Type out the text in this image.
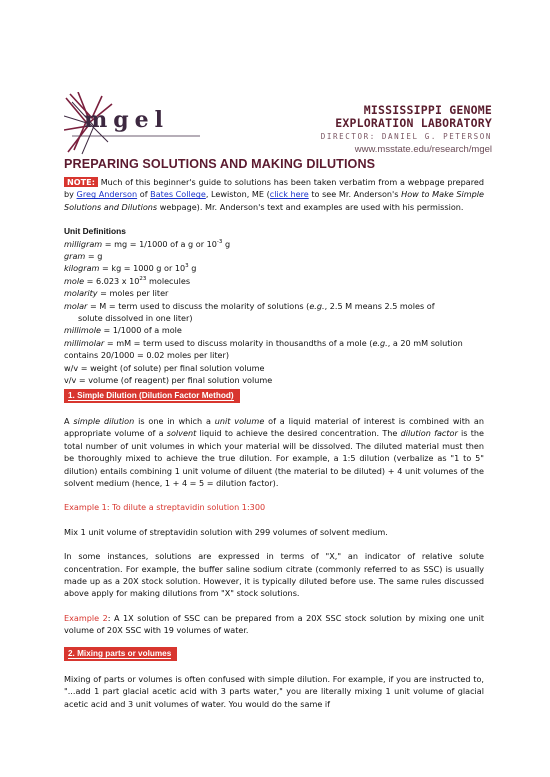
mgel	MISSISSIPPI GENOME EXPLORATION LABORATORY
DIRECTOR: DANIEL G. PETERSON
www.msstate.edu/research/mgel
PREPARING SOLUTIONS AND MAKING DILUTIONS

NOTE: Much of this beginner's guide to solutions has been taken verbatim from a webpage prepared by Greg Anderson of Bates College, Lewiston, ME (click here to see Mr. Anderson's How to Make Simple Solutions and Dilutions webpage). Mr. Anderson's text and examples are used with his permission.

Unit Definitions

milligram = mg = 1/1000 of a g or $10^{-3}$ g

gram = g

kilogram = kg = 1000 g or $10^3$ g

mole = 6.023 x $10^{23}$ molecules

molarity = moles per liter

molar = M = term used to discuss the molarity of solutions (e.g., 2.5 M means 2.5 moles of

solute dissolved in one liter)

millimole = 1/1000 of a mole

millimolar = mM = term used to discuss molarity in thousandths of a mole (e.g., a 20 mM solution contains 20/1000 = 0.02 moles per liter)

w/v = weight (of solute) per final solution volume

v/v = volume (of reagent) per final solution volume

1. Simple Dilution (Dilution Factor Method)

A simple dilution is one in which a unit volume of a liquid material of interest is combined with an appropriate volume of a solvent liquid to achieve the desired concentration. The dilution factor is the total number of unit volumes in which your material will be dissolved. The diluted material must then be thoroughly mixed to achieve the true dilution. For example, a 1:5 dilution (verbalize as "1 to 5" dilution) entails combining 1 unit volume of diluent (the material to be diluted) + 4 unit volumes of the solvent medium (hence, 1 + 4 = 5 = dilution factor).

Example 1: To dilute a streptavidin solution 1:300

Mix 1 unit volume of streptavidin solution with 299 volumes of solvent medium.

In some instances, solutions are expressed in terms of "X," an indicator of relative solute concentration. For example, the buffer saline sodium citrate (commonly referred to as SSC) is usually made up as a 20X stock solution. However, it is typically diluted before use. The same rules discussed above apply for making dilutions from "X" stock solutions.

Example 2: A 1X solution of SSC can be prepared from a 20X SSC stock solution by mixing one unit volume of 20X SSC with 19 volumes of water.

2. Mixing parts or volumes

Mixing of parts or volumes is often confused with simple dilution. For example, if you are instructed to, "...add 1 part glacial acetic acid with 3 parts water," you are literally mixing 1 unit volume of glacial acetic acid and 3 unit volumes of water. You would do the same if
